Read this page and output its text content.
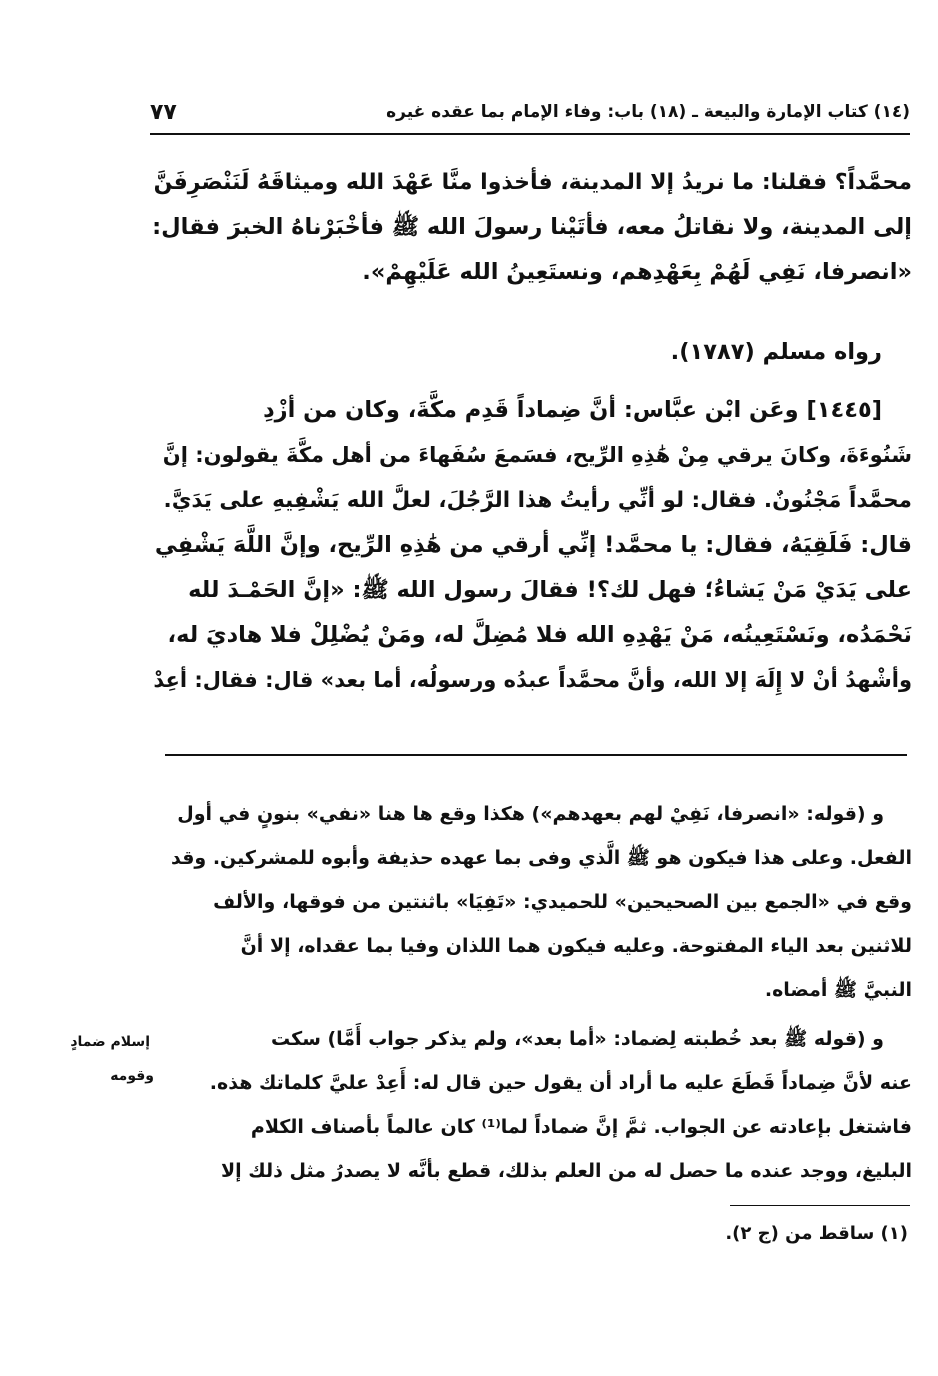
٧٧	(١٤) كتاب الإمارة والبيعة ـ (١٨) باب: وفاء الإمام بما عقده غيره
محمَّداً؟ فقلنا: ما نريدُ إلا المدينة، فأخذوا منَّا عَهْدَ الله وميثاقَهُ لَنَنْصَرِفَنَّ
إلى المدينة، ولا نقاتلُ معه، فأتَيْنا رسولَ الله ﷺ فأخْبَرْناهُ الخبرَ فقال:
«انصرفا، نَفِي لَهُمْ بِعَهْدِهم، ونستَعِينُ الله عَلَيْهِمْ».
رواه مسلم (١٧٨٧).
[١٤٤٥] وعَن ابْن عبَّاس: أنَّ ضِماداً قَدِم مكَّةَ، وكان من أزْدِ
شَنُوءَةَ، وكانَ يرقي مِنْ هَٰذِهِ الرِّيح، فسَمعَ سُفَهاءَ من أهل مكَّةَ يقولون: إنَّ
محمَّداً مَجْنُونٌ. فقال: لو أنِّي رأيتُ هذا الرَّجُلَ، لعلَّ الله يَشْفِيهِ على يَدَيَّ.
قال: فَلَقِيَهُ، فقال: يا محمَّد! إنِّي أرقي من هَٰذِهِ الرِّيح، وإنَّ اللَّهَ يَشْفِي
على يَدَيْ مَنْ يَشاءُ؛ فهل لك؟! فقالَ رسول الله ﷺ: «إنَّ الحَمْـدَ لله
نَحْمَدُه، ونَسْتَعِينُه، مَنْ يَهْدِهِ الله فلا مُضِلَّ له، ومَنْ يُضْلِلْ فلا هاديَ له،
وأشْهدُ أنْ لا إِلَهَ إلا الله، وأنَّ محمَّداً عبدُه ورسولُه، أما بعد» قال: فقال: أعِدْ
و (قوله: «انصرفا، نَفِيْ لهم بعهدهم») هكذا وقع ها هنا «نفي» بنونٍ في أول
الفعل. وعلى هذا فيكون هو ﷺ الَّذي وفى بما عهده حذيفة وأبوه للمشركين. وقد
وقع في «الجمع بين الصحيحين» للحميدي: «تَفِيَا» باثنتين من فوقها، والألف
للاثنين بعد الياء المفتوحة. وعليه فيكون هما اللذان وفيا بما عقداه، إلا أنَّ
النبيَّ ﷺ أمضاه.
و (قوله ﷺ بعد خُطبته لِضماد: «أما بعد»، ولم يذكر جواب أَمَّا) سكت
عنه لأنَّ ضِماداً قَطَعَ عليه ما أراد أن يقول حين قال له: أَعِدْ عليَّ كلماتك هذه.
فاشتغل بإعادته عن الجواب. ثمَّ إنَّ ضماداً لما⁽¹⁾ كان عالماً بأصناف الكلام
البليغ، ووجد عنده ما حصل له من العلم بذلك، قطع بأنَّه لا يصدرُ مثل ذلك إلا
إسلام ضمادٍ
وقومه
(١) ساقط من (ج ٢).
